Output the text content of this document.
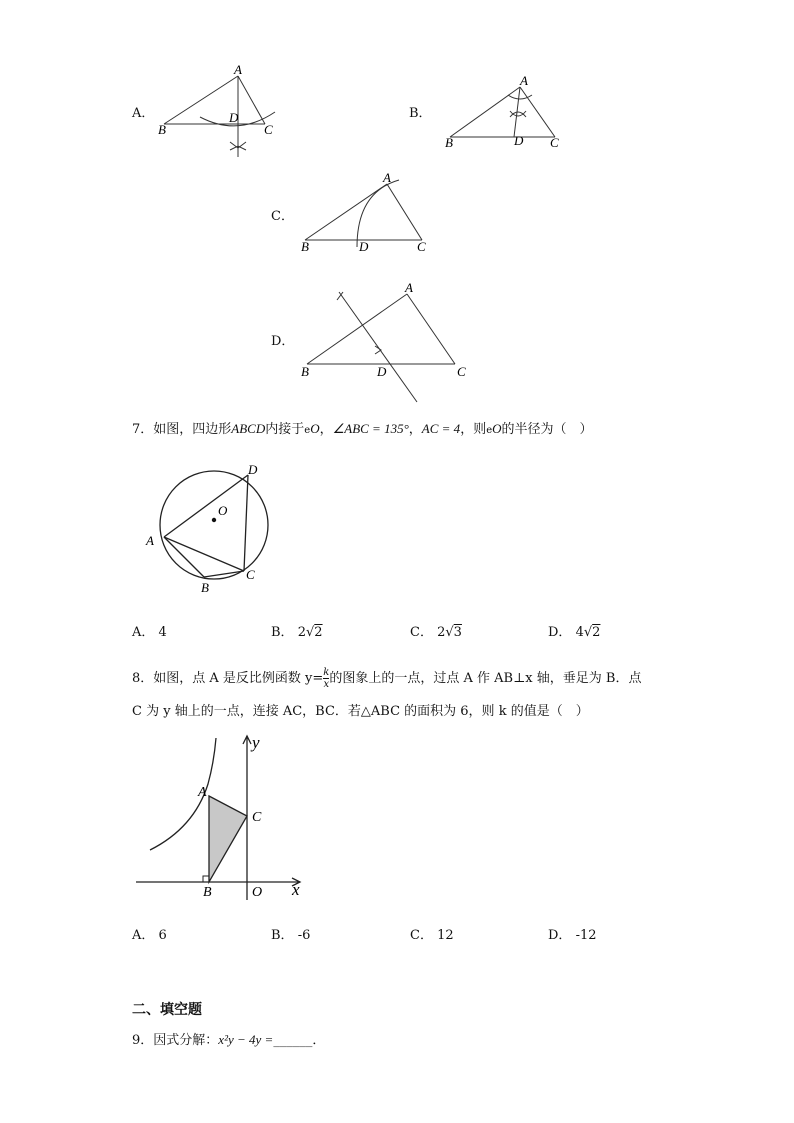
A．
A
B	C
D	B．
A
B	C
D
C．
A
B	C
D
D．
A
B	C
D
7．如图，四边形ABCD内接于eO，∠ABC = 135°，AC = 4，则eO的半径为（　）
O
D
A
C
B
A． 4	B． 2√2	C． 2√3	D． 4√2
8．如图，点 A 是反比例函数 $y= \frac{k}{x}$ 的图象上的一点，过点 A 作 AB⊥x 轴，垂足为 B．点
C 为 y 轴上的一点，连接 AC，BC．若△ABC 的面积为 6，则 k 的值是（　）
y
x
A
C
B	O
A． 6	B． -6	C． 12	D． -12
二、填空题
9．因式分解：x²y − 4y =______．
